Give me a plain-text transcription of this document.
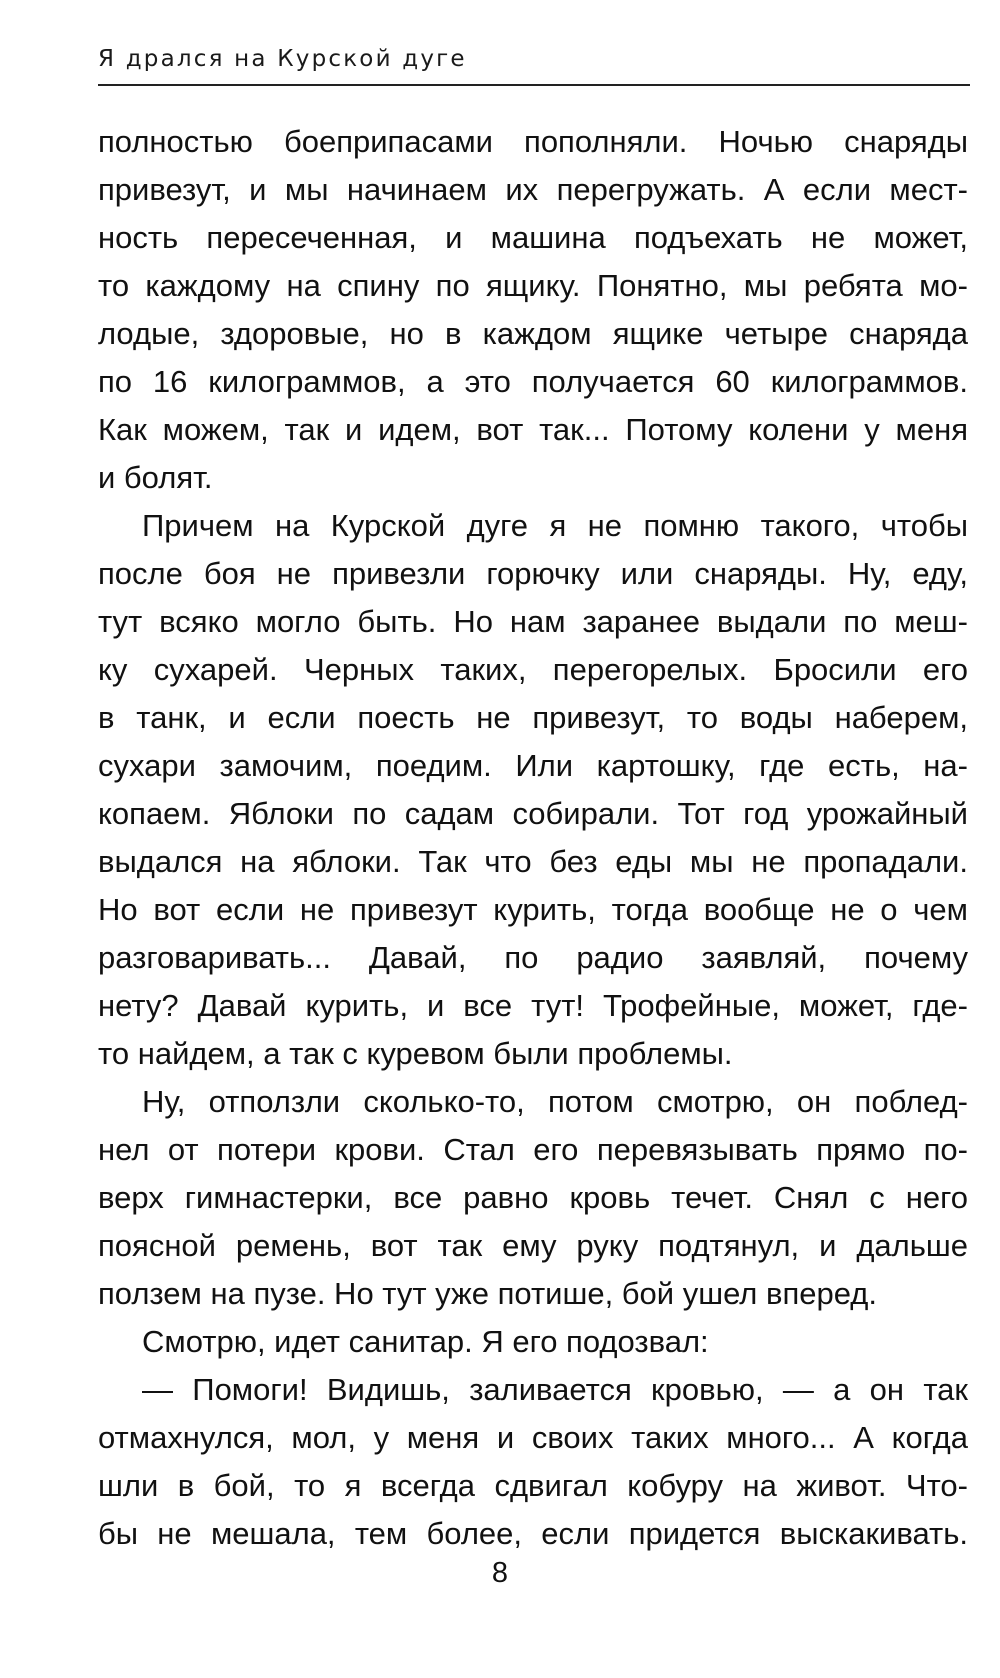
Я дрался на Курской дуге
полностью боеприпасами пополняли. Ночью снаряды
привезут, и мы начинаем их перегружать. А если мест-
ность пересеченная, и машина подъехать не может,
то каждому на спину по ящику. Понятно, мы ребята мо-
лодые, здоровые, но в каждом ящике четыре снаряда
по 16 килограммов, а это получается 60 килограммов.
Как можем, так и идем, вот так... Потому колени у меня
и болят.
Причем на Курской дуге я не помню такого, чтобы
после боя не привезли горючку или снаряды. Ну, еду,
тут всяко могло быть. Но нам заранее выдали по меш-
ку сухарей. Черных таких, перегорелых. Бросили его
в танк, и если поесть не привезут, то воды наберем,
сухари замочим, поедим. Или картошку, где есть, на-
копаем. Яблоки по садам собирали. Тот год урожайный
выдался на яблоки. Так что без еды мы не пропадали.
Но вот если не привезут курить, тогда вообще не о чем
разговаривать... Давай, по радио заявляй, почему
нету? Давай курить, и все тут! Трофейные, может, где-
то найдем, а так с куревом были проблемы.
Ну, отползли сколько-то, потом смотрю, он поблед-
нел от потери крови. Стал его перевязывать прямо по-
верх гимнастерки, все равно кровь течет. Снял с него
поясной ремень, вот так ему руку подтянул, и дальше
ползем на пузе. Но тут уже потише, бой ушел вперед.
Смотрю, идет санитар. Я его подозвал:
— Помоги! Видишь, заливается кровью, — а он так
отмахнулся, мол, у меня и своих таких много... А когда
шли в бой, то я всегда сдвигал кобуру на живот. Что-
бы не мешала, тем более, если придется выскакивать.
8
